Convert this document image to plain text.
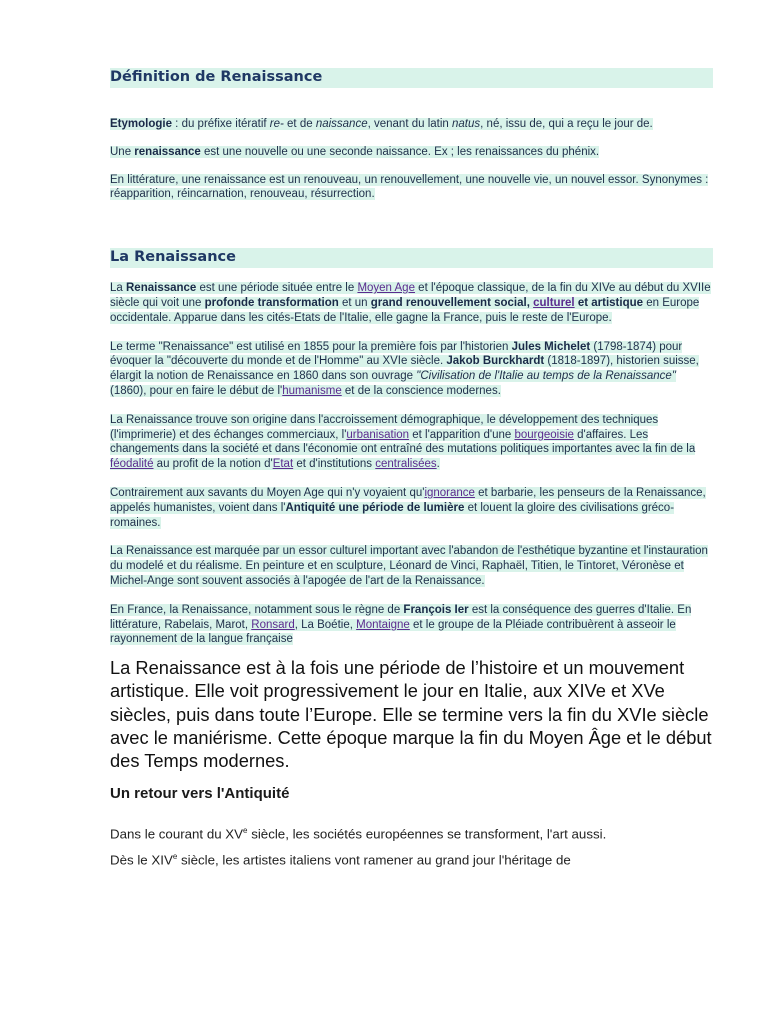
Définition de Renaissance

Etymologie : du préfixe itératif re- et de naissance, venant du latin natus, né, issu de, qui a reçu le jour de.

Une renaissance est une nouvelle ou une seconde naissance. Ex ; les renaissances du phénix.

En littérature, une renaissance est un renouveau, un renouvellement, une nouvelle vie, un nouvel essor. Synonymes : réapparition, réincarnation, renouveau, résurrection.

La Renaissance

La Renaissance est une période située entre le Moyen Age et l'époque classique, de la fin du XIVe au début du XVIIe siècle qui voit une profonde transformation et un grand renouvellement social, culturel et artistique en Europe occidentale. Apparue dans les cités-Etats de l'Italie, elle gagne la France, puis le reste de l'Europe.

Le terme "Renaissance" est utilisé en 1855 pour la première fois par l'historien Jules Michelet (1798-1874) pour évoquer la "découverte du monde et de l'Homme" au XVIe siècle. Jakob Burckhardt (1818-1897), historien suisse, élargit la notion de Renaissance en 1860 dans son ouvrage "Civilisation de l'Italie au temps de la Renaissance" (1860), pour en faire le début de l'humanisme et de la conscience modernes.

La Renaissance trouve son origine dans l'accroissement démographique, le développement des techniques (l'imprimerie) et des échanges commerciaux, l'urbanisation et l'apparition d'une bourgeoisie d'affaires. Les changements dans la société et dans l'économie ont entraîné des mutations politiques importantes avec la fin de la féodalité au profit de la notion d'Etat et d'institutions centralisées.

Contrairement aux savants du Moyen Age qui n'y voyaient qu'ignorance et barbarie, les penseurs de la Renaissance, appelés humanistes, voient dans l'Antiquité une période de lumière et louent la gloire des civilisations gréco-romaines.

La Renaissance est marquée par un essor culturel important avec l'abandon de l'esthétique byzantine et l'instauration du modelé et du réalisme. En peinture et en sculpture, Léonard de Vinci, Raphaël, Titien, le Tintoret, Véronèse et Michel-Ange sont souvent associés à l'apogée de l'art de la Renaissance.

En France, la Renaissance, notamment sous le règne de François Ier est la conséquence des guerres d'Italie. En littérature, Rabelais, Marot, Ronsard, La Boétie, Montaigne et le groupe de la Pléiade contribuèrent à asseoir le rayonnement de la langue française

La Renaissance est à la fois une période de l’histoire et un mouvement artistique. Elle voit progressivement le jour en Italie, aux XIVe et XVe siècles, puis dans toute l’Europe. Elle se termine vers la fin du XVIe siècle avec le maniérisme. Cette époque marque la fin du Moyen Âge et le début des Temps modernes.

Un retour vers l'Antiquité

Dans le courant du XVe siècle, les sociétés européennes se transforment, l'art aussi.

Dès le XIVe siècle, les artistes italiens vont ramener au grand jour l'héritage de
